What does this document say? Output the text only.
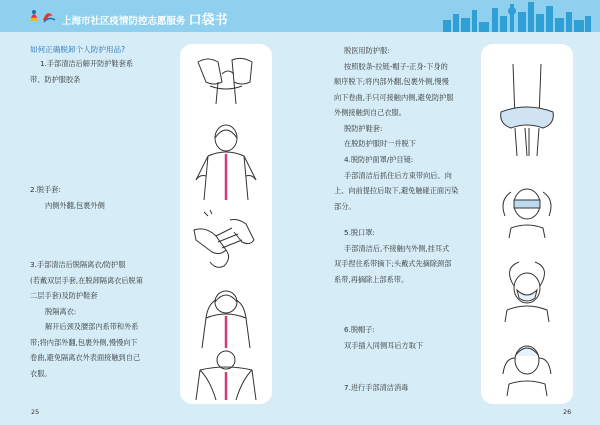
上海市社区疫情防控志愿服务 口袋书
如何正确脱卸个人防护用品?
1.手部清洁后解开防护鞋套系
带、防护服胶条
2.脱手套:
内侧外翻,包裹外侧
3.手部清洁后脱隔离衣/防护服
(若戴双层手套,在脱卸隔离衣后脱第
二层手套)及防护鞋套
脱隔离衣:
解开后颈及腰部内系带和外系
带;将内部外翻,包裹外侧,慢慢向下
卷曲,避免隔离衣外表面接触到自己
衣服。
25
脱医用防护服:
按照胶条-拉链-帽子-正身-下身的
顺序脱下;将内部外翻,包裹外侧,慢慢
向下卷曲,手只可接触内侧,避免防护服
外侧接触到自己衣服。
脱防护鞋套:
在脱防护服时一并脱下
4.脱防护面罩/护目镜:
手部清洁后抓住后方束带向后、向
上、向前提拉后取下,避免触碰正面污染
部分。
5.脱口罩:
手部清洁后,不接触内外侧,挂耳式
双手捏住系带摘下;头戴式先摘除颈部
系带,再摘除上部系带。
6.脱帽子:
双手插入同侧耳后方取下
7.进行手部清洁消毒
26
